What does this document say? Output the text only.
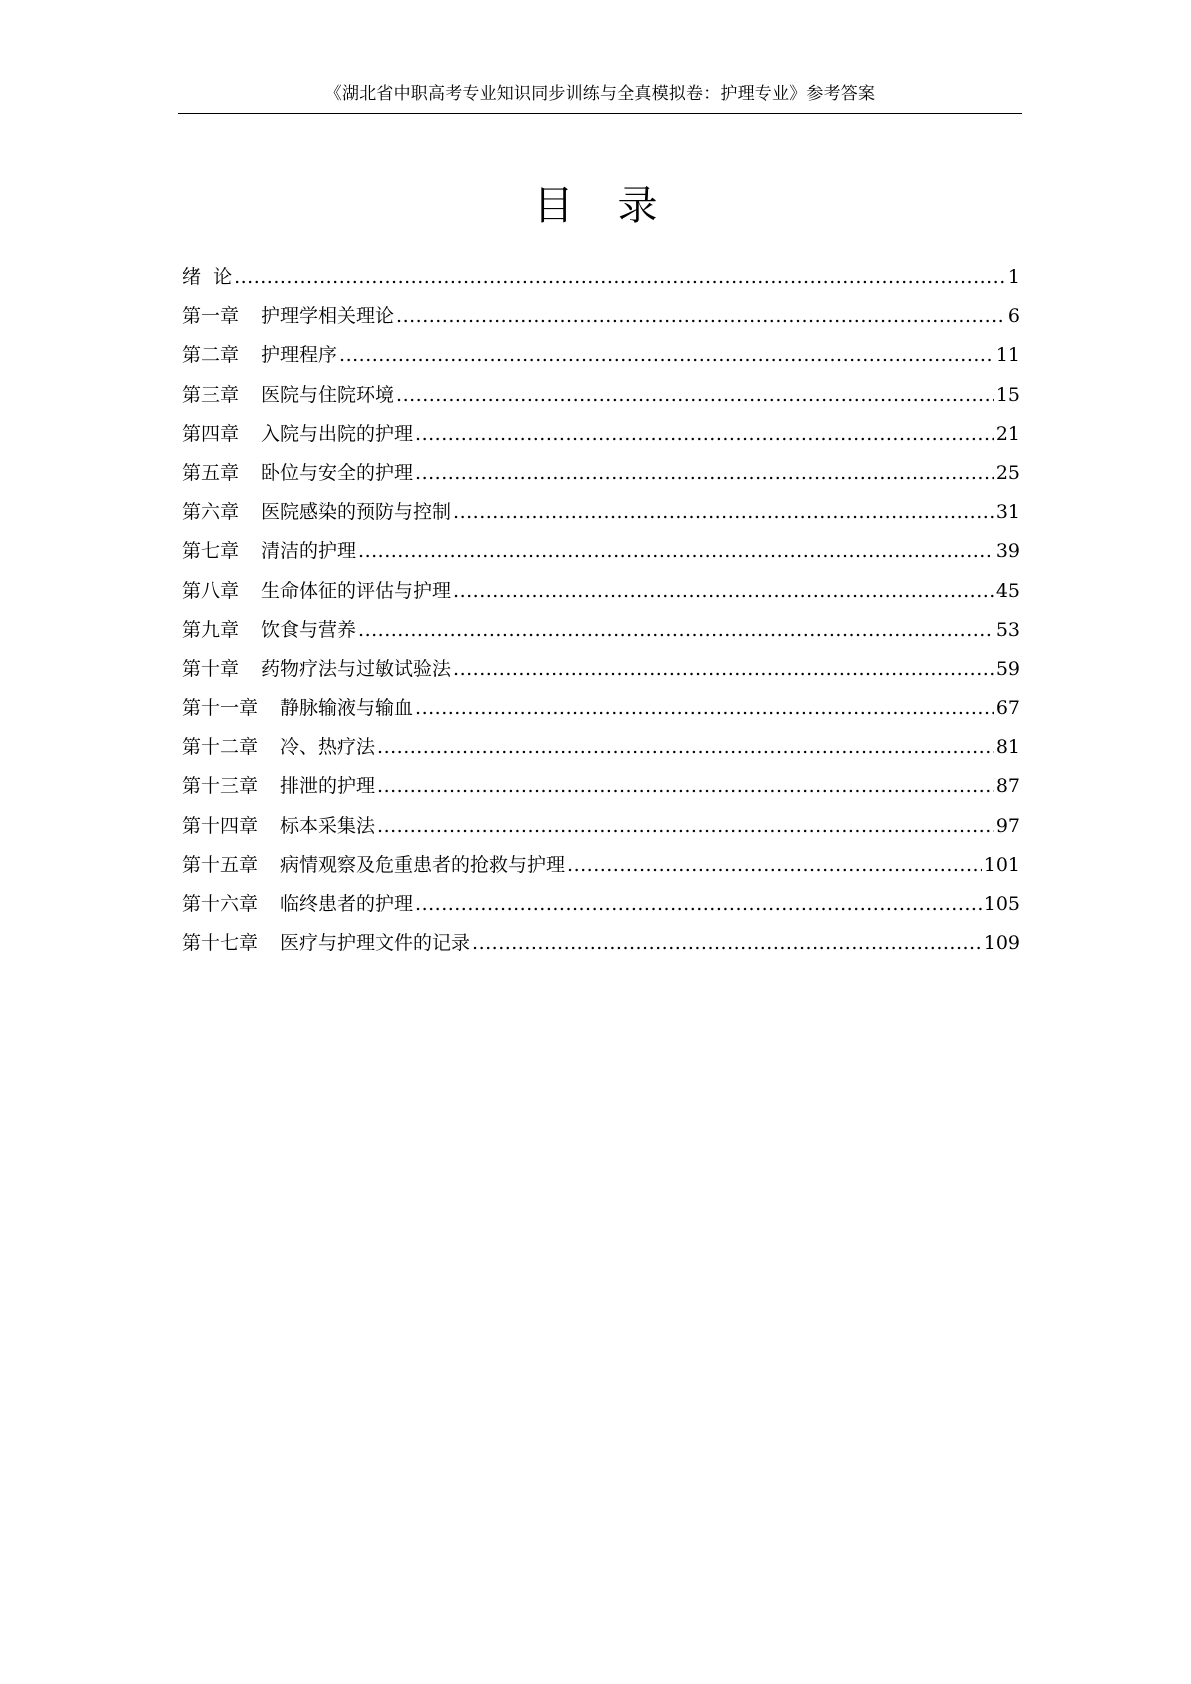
《湖北省中职高考专业知识同步训练与全真模拟卷：护理专业》参考答案
目录
绪  论 .....	1
第一章 护理学相关理论 .....	6
第二章 护理程序 .....	11
第三章 医院与住院环境 .....	15
第四章 入院与出院的护理 .....	21
第五章 卧位与安全的护理 .....	25
第六章 医院感染的预防与控制 .....	31
第七章 清洁的护理 .....	39
第八章 生命体征的评估与护理 .....	45
第九章 饮食与营养 .....	53
第十章 药物疗法与过敏试验法 .....	59
第十一章 静脉输液与输血 .....	67
第十二章 冷、热疗法 .....	81
第十三章 排泄的护理 .....	87
第十四章 标本采集法 .....	97
第十五章 病情观察及危重患者的抢救与护理 .....	101
第十六章 临终患者的护理 .....	105
第十七章 医疗与护理文件的记录 .....	109
